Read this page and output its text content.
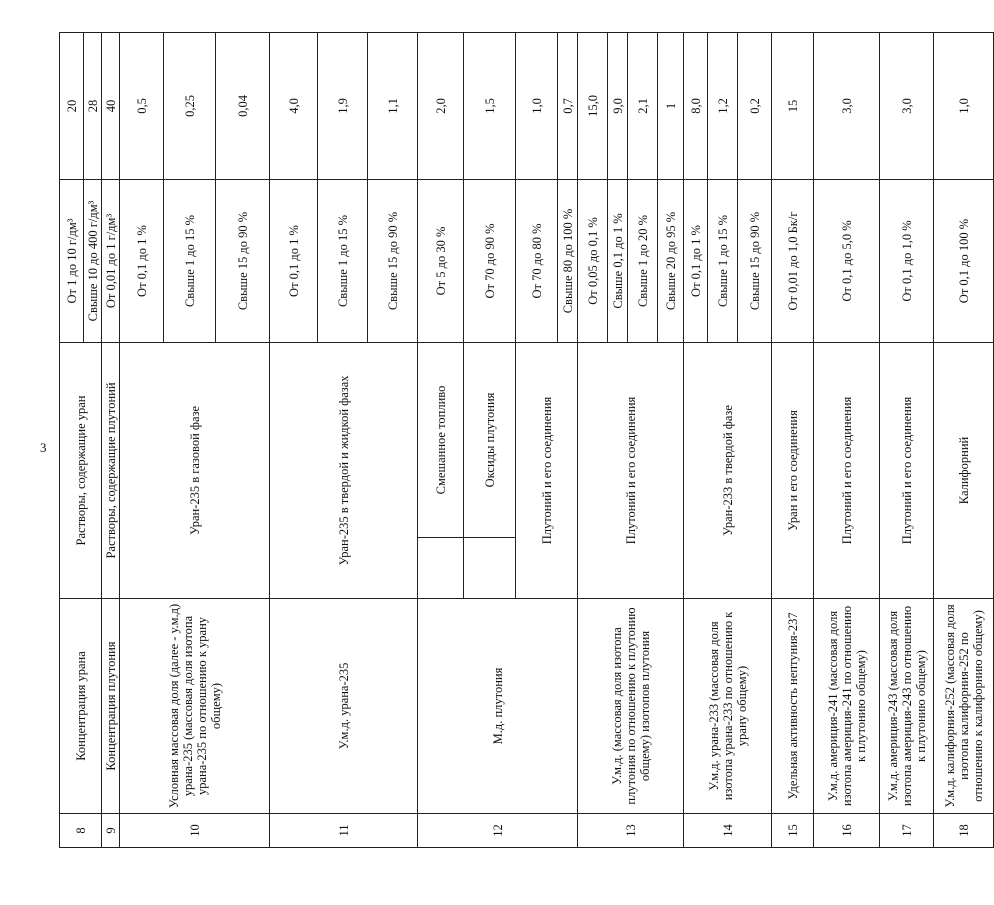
3
8	Концентрация урана	Растворы, содержащие уран		От 1 до 10 г/дм³	20
				Свыше 10 до 400 г/дм³	28
9	Концентрация плутония	Растворы, содержащие плутоний		От 0,01 до 1 г/дм³	40
10	Условная массовая доля (далее - у.м.д) урана-235 (массовая доля изотопа урана-235 по отношению к урану общему)	Уран-235 в газовой фазе		От 0,1 до 1 %	0,5
				Свыше 1 до 15 %	0,25
				Свыше 15 до 90 %	0,04
11	У.м.д. урана-235	Уран-235 в твердой и жидкой фазах		От 0,1 до 1 %	4,0
				Свыше 1 до 15 %	1,9
				Свыше 15 до 90 %	1,1
12	М.д. плутония		Смешанное топливо	От 5 до 30 %	2,0
			Оксиды плутония	От 70 до 90 %	1,5
		Плутоний и его соединения		От 70 до 80 %	1,0
				Свыше 80 до 100 %	0,7
13	У.м.д. (массовая доля изотопа плутония по отношению к плутонию общему) изотопов плутония	Плутоний и его соединения		От 0,05 до 0,1 %	15,0
				Свыше 0,1 до 1 %	9,0
				Свыше 1 до 20 %	2,1
				Свыше 20 до 95 %	1
14	У.м.д. урана-233 (массовая доля изотопа урана-233 по отношению к урану общему)	Уран-233 в твердой фазе		От 0,1 до 1 %	8,0
				Свыше 1 до 15 %	1,2
				Свыше 15 до 90 %	0,2
15	Удельная активность нептуния-237	Уран и его соединения		От 0,01 до 1,0 Бк/г	15
16	У.м.д. америция-241 (массовая доля изотопа америция-241 по отношению к плутонию общему)	Плутоний и его соединения		От 0,1 до 5,0 %	3,0
17	У.м.д. америция-243 (массовая доля изотопа америция-243 по отношению к плутонию общему)	Плутоний и его соединения		От 0,1 до 1,0 %	3,0
18	У.м.д. калифорния-252 (массовая доля изотопа калифорния-252 по отношению к калифорнию общему)	Калифорний		От 0,1 до 100 %	1,0
